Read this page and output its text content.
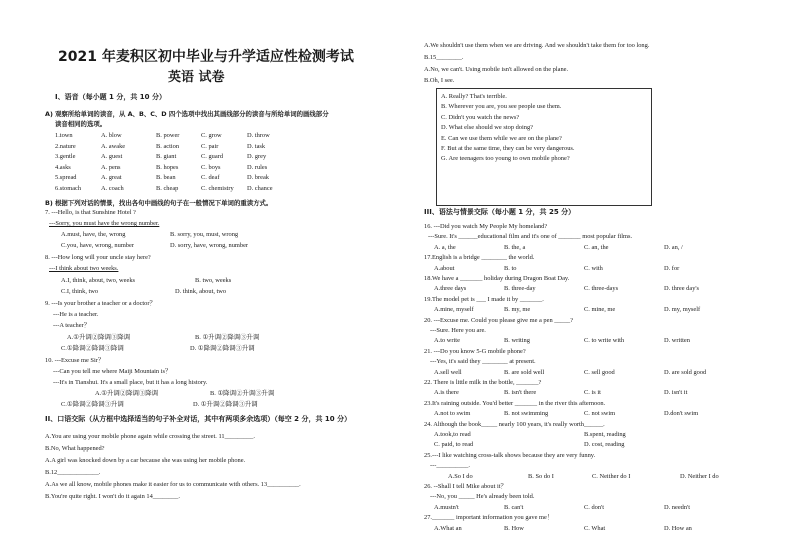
2021 年麦积区初中毕业与升学适应性检测考试
英语 试卷
I、语音（每小题 1 分，共 10 分）
A) 观察所给单词的读音，从 A、B、C、D 四个选项中找出其画线部分的读音与所给单词的画线部分
读音相同的选项。
1.town	A. blow	B. power	C. grow	D. throw
2.nature	A. awake	B. action	C. pair	D. task
3.gentle	A. guest	B. giant	C. guard	D. grey
4.asks	A. pens	B. hopes	C. boys	D. rules
5.spread	A. great	B. bean	C. deaf	D. break
6.stomach	A. coach	B. cheap	C. chemistry D. chance
B) 根据下列对话的情景，找出各句中画线的句子在一般情况下单词的重读方式。
7. ---Hello, is that Sunshine Hotel ?
---Sorry, you must have the wrong number.
A.must, have, the, wrong	B. sorry, you, must, wrong
C.you, have, wrong, number	D. sorry, have, wrong, number
8. ---How long will your uncle stay here?
---I think about two weeks.
A.I, think, about, two, weeks	B. two, weeks
C.I, think, two	D. think, about, two
9. ---Is your brother a teacher or a doctor？
---He is a teacher.
---A teacher？
A.①升调②降调③降调	B. ①升调②降调③升调
C.①降调②降调③降调	D. ①降调②降调③升调
10. ---Excuse me Sir？
---Can you tell me where Maiji Mountain is？
---It's in Tianshui. It's a small place, but it has a long history.
A.①升调②降调③降调	B. ①降调②升调③升调
C.①降调②降调③升调	D. ①升调②降调③升调
II、口语交际（从方框中选择适当的句子补全对话，其中有两项多余选项）（每空 2 分，共 10 分）
A.You are using your mobile phone again while crossing the street. 11_________.
B.No, What happened?
A.A girl was knocked down by a car because she was using her mobile phone.
B.12_____________.
A.As we all know, mobile phones make it easier for us to communicate with others. 13__________.
B.You're quite right. I won't do it again 14________.
A.We shouldn't use them when we are driving. And we shouldn't take them for too long.
B.15________.
A.No, we can't. Using mobile isn't allowed on the plane.
B.Oh, I see.
A. Really? That's terrible.
B. Wherever you are, you see people use them.
C. Didn't you watch the news?
D. What else should we stop doing?
E. Can we use them while we are on the plane?
F. But at the same time, they can be very dangerous.
G. Are teenagers too young to own mobile phone?
III、语法与情景交际（每小题 1 分，共 25 分）
16. ---Did you watch My People My homeland?
---Sure. It's ______educational film and it's one of _______ most popular films.
A. a, the	B. the, a	C. an, the	D. an, /
17.English is a bridge ________ the world.
A.about	B. to	C. with	D. for
18.We have a _______ holiday during Dragon Boat Day.
A.three days	B. three-day	C. three-days	D. three day's
19.The model pet is ___ I made it by _______.
A.mine, myself	B. my, me	C. mine, me	D. my, myself
20. ---Excuse me. Could you please give me a pen _____?
---Sure. Here you are.
A.to write	B. writing	C. to write with	D. written
21. ---Do you know 5-G mobile phone?
---Yes, it's said they ________ at present.
A.sell well	B. are sold well	C. sell good	D. are sold good
22. There is little milk in the bottle, _______?
A.is there	B. isn't there	C. is it	D. isn't it
23.It's raining outside. You'd better _______ in the river this afternoon.
A.not to swim	B. not swimming	C. not swim	D.don't swim
24. Although the book_____ nearly 100 years, it's really worth______.
A.took,to read	B.spent, reading
C. paid, to read	D. cost, reading
25.---I like watching cross-talk shows because they are very funny.
---__________.
A.So I do	B. So do I	C. Neither do I	D. Neither I do
26. --Shall I tell Mike about it？
---No, you _____ He's already been told.
A.mustn't	B. can't	C. don't	D. needn't
27._______ important information you gave me！
A.What an	B. How	C. What	D. How an
